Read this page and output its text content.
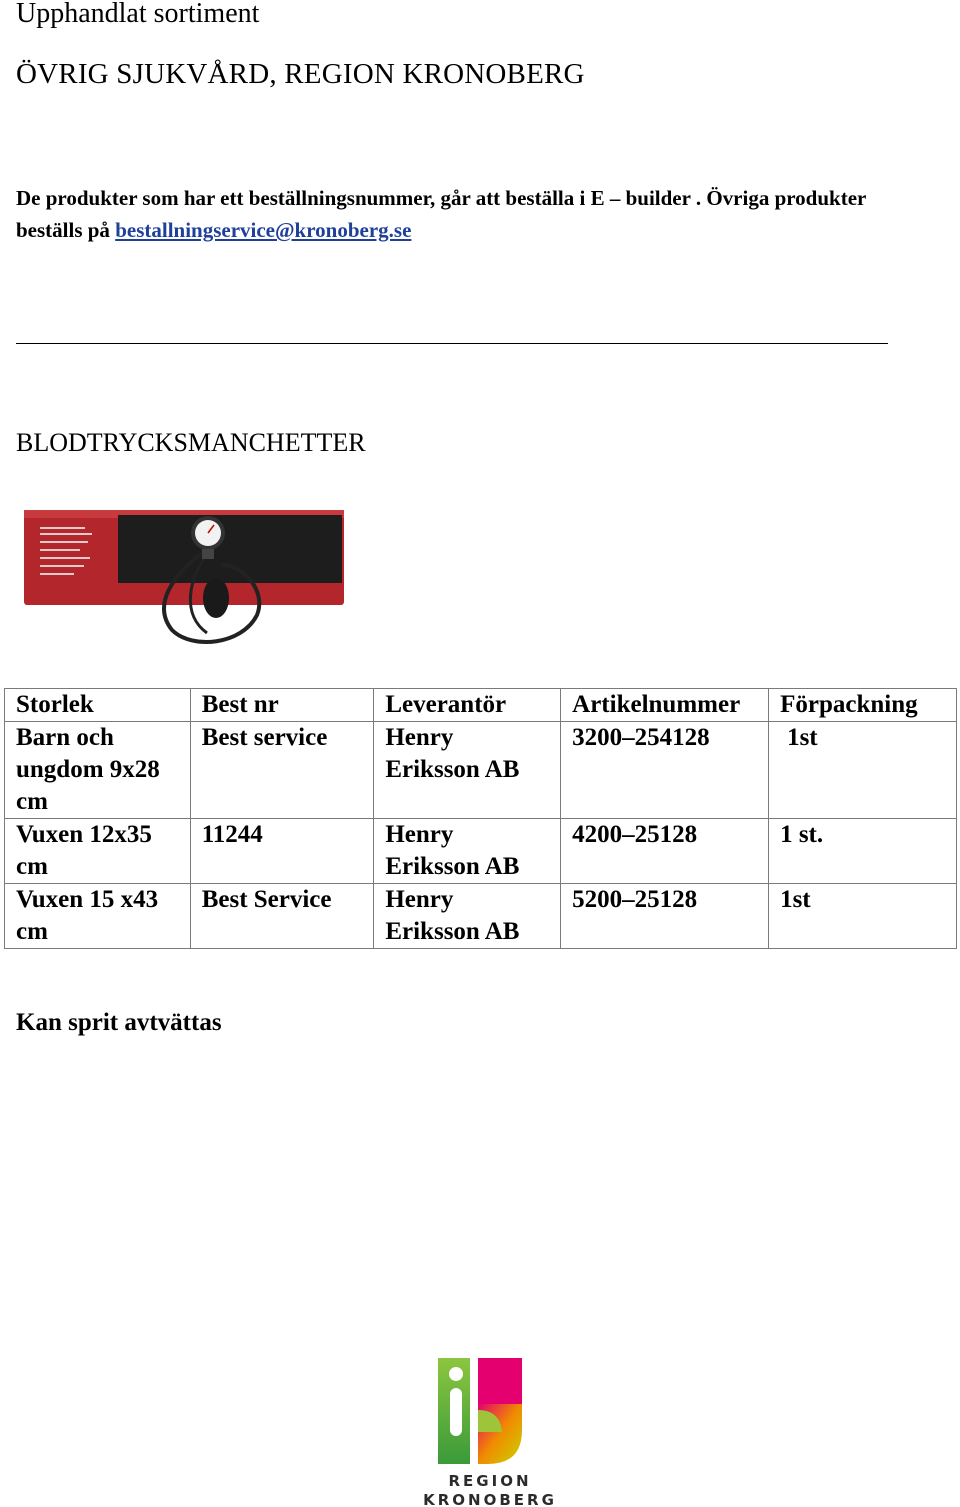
Upphandlat sortiment
ÖVRIG SJUKVÅRD, REGION KRONOBERG
De produkter som har ett beställningsnummer, går att beställa i E – builder . Övriga produkter beställs på bestallningservice@kronoberg.se
BLODTRYCKSMANCHETTER
Storlek	Best nr	Leverantör	Artikelnummer	Förpackning
Barn och ungdom 9x28 cm	Best service	Henry Eriksson AB	3200–254128	1st
Vuxen 12x35 cm	11244	Henry Eriksson AB	4200–25128	1 st.
Vuxen 15 x43 cm	Best Service	Henry Eriksson AB	5200–25128	1st
Kan sprit avtvättas
REGION
KRONOBERG
